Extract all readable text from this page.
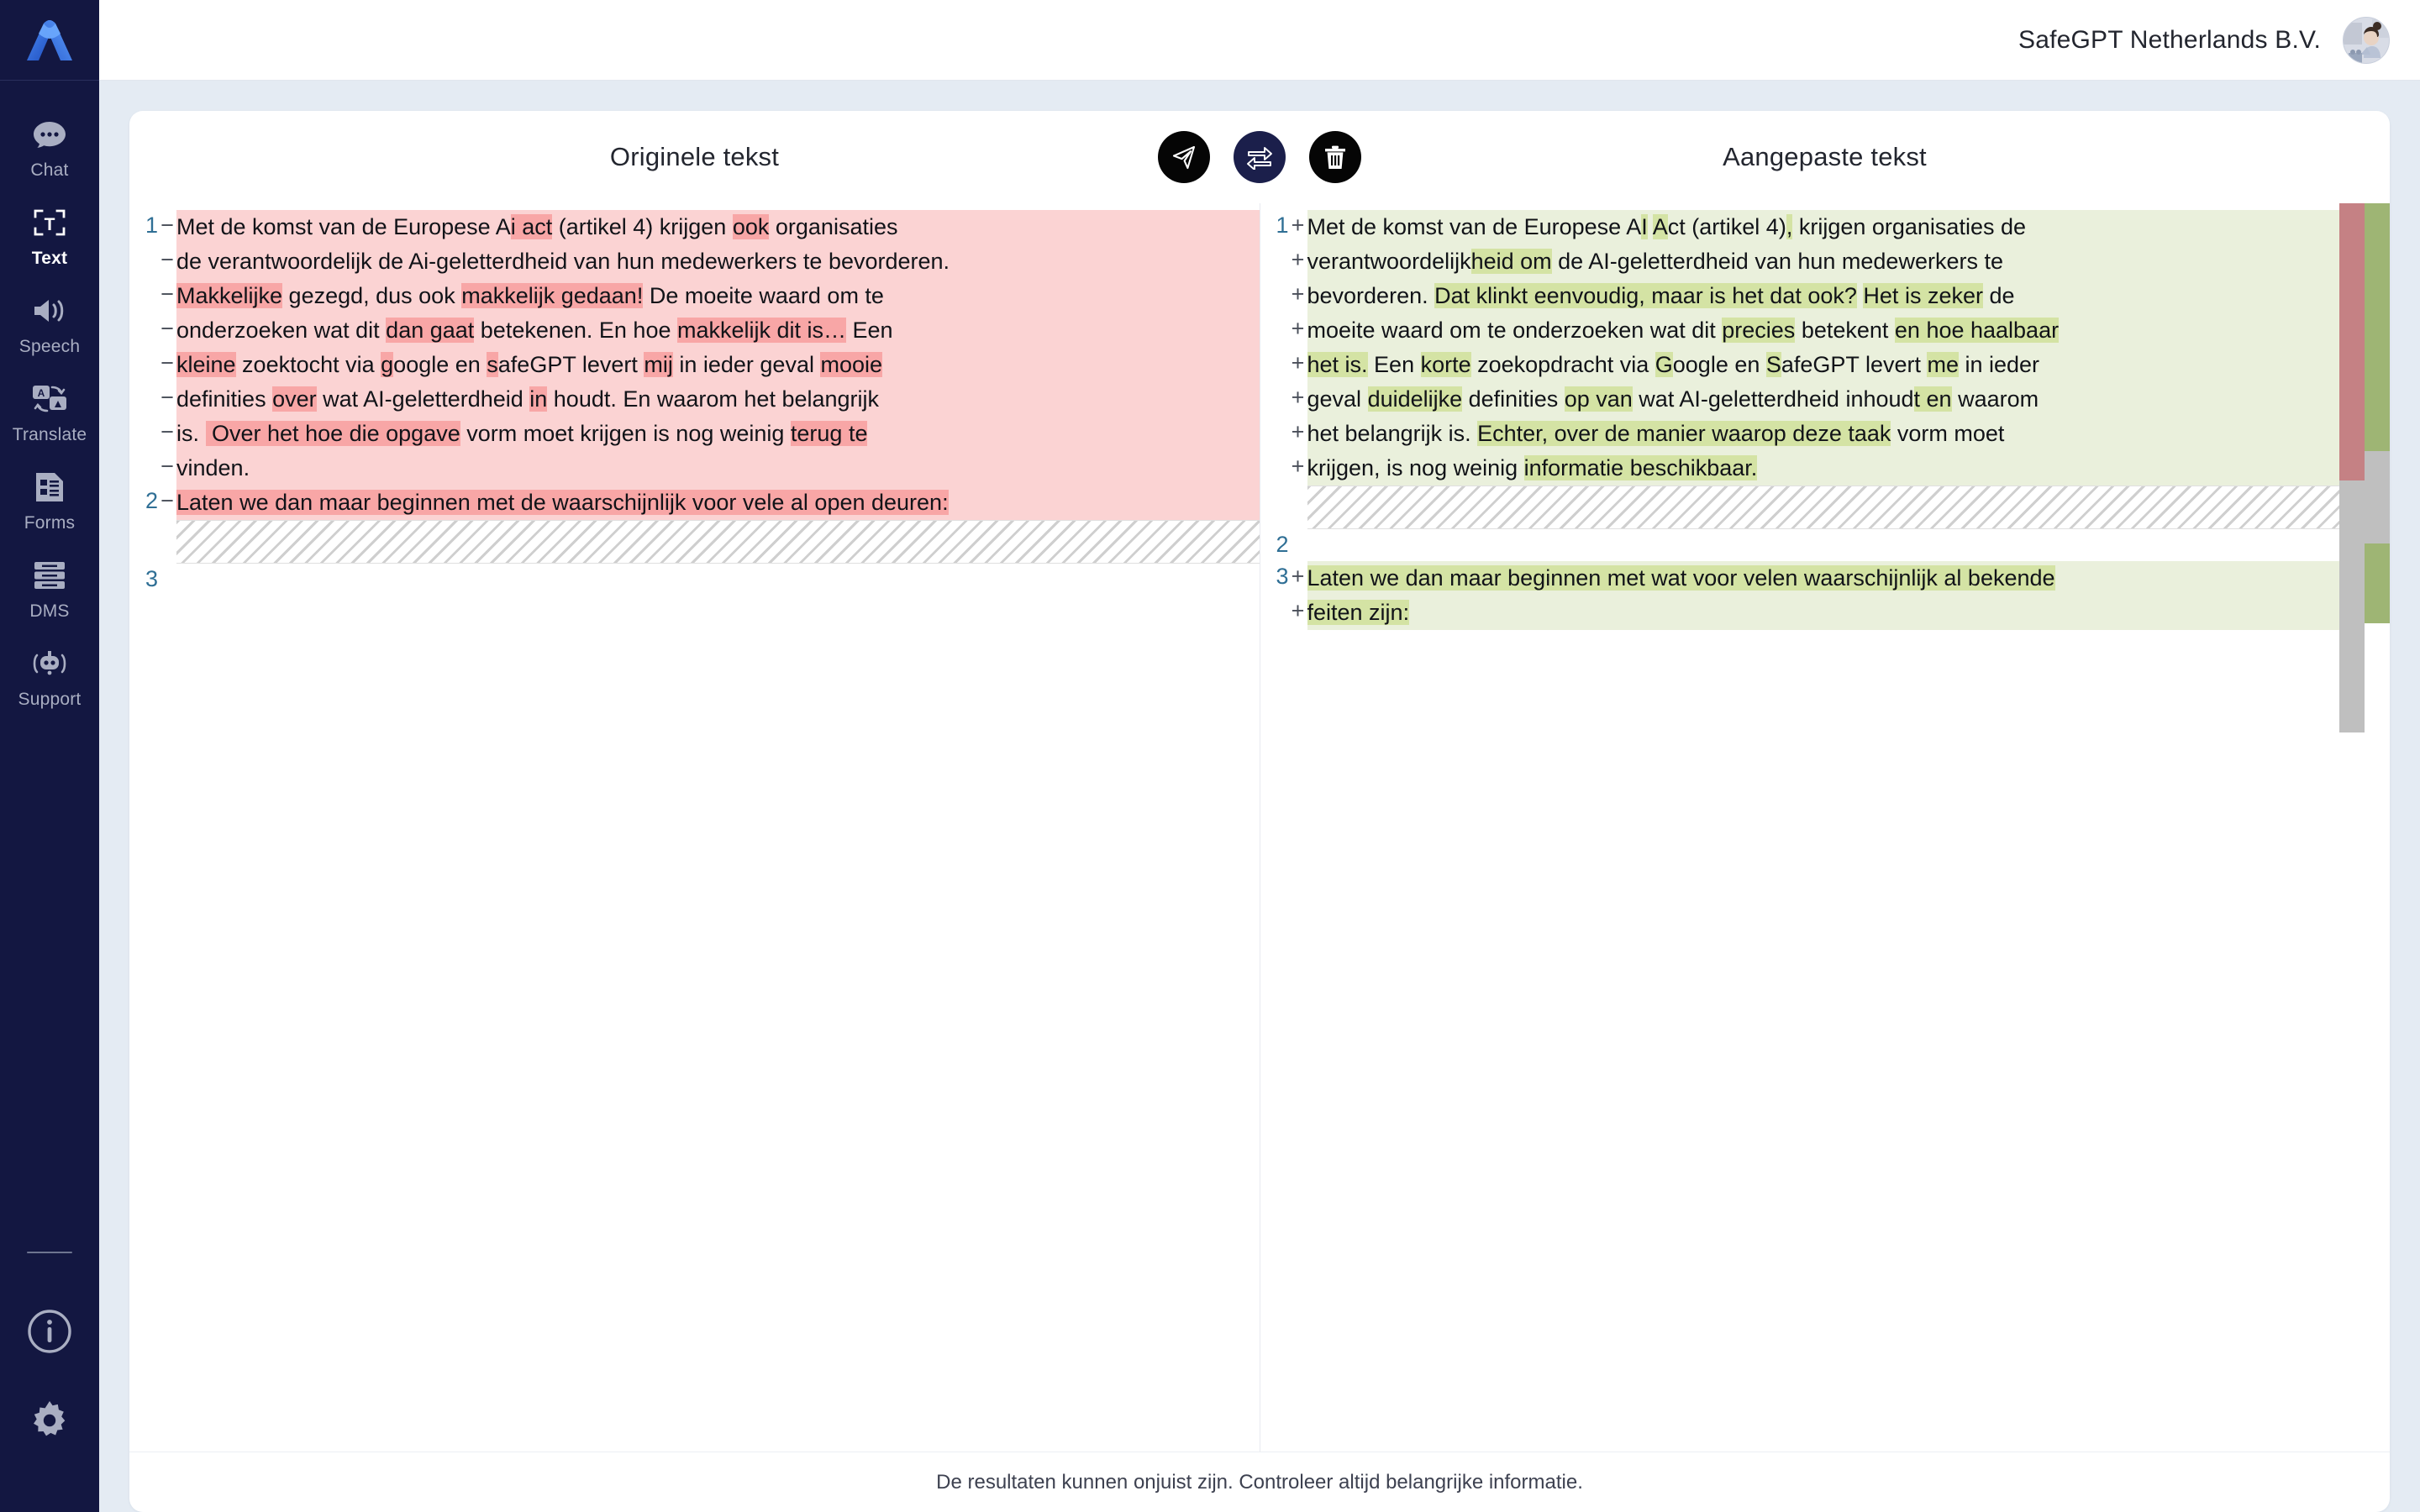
Chat
T
Text
Speech
A
Translate
Forms
DMS
Support
SafeGPT Netherlands B.V.
Originele tekst	Aangepaste tekst
1 − Met de komst van de Europese Ai act (artikel 4) krijgen ook organisaties
− de verantwoordelijk de Ai-geletterdheid van hun medewerkers te bevorderen.
− Makkelijke gezegd, dus ook makkelijk gedaan! De moeite waard om te
− onderzoeken wat dit dan gaat betekenen. En hoe makkelijk dit is… Een
− kleine zoektocht via google en safeGPT levert mij in ieder geval mooie
− definities over wat AI-geletterdheid in houdt. En waarom het belangrijk
− is.  Over het hoe die opgave vorm moet krijgen is nog weinig terug te
− vinden.
2 − Laten we dan maar beginnen met de waarschijnlijk voor vele al open deuren:
3

1 + Met de komst van de Europese AI Act (artikel 4), krijgen organisaties de
+ verantwoordelijkheid om de AI-geletterdheid van hun medewerkers te
+ bevorderen. Dat klinkt eenvoudig, maar is het dat ook? Het is zeker de
+ moeite waard om te onderzoeken wat dit precies betekent en hoe haalbaar
+ het is. Een korte zoekopdracht via Google en SafeGPT levert me in ieder
+ geval duidelijke definities op van wat AI-geletterdheid inhoudt en waarom
+ het belangrijk is. Echter, over de manier waarop deze taak vorm moet
+ krijgen, is nog weinig informatie beschikbaar.
2

3 + Laten we dan maar beginnen met wat voor velen waarschijnlijk al bekende
+ feiten zijn:
De resultaten kunnen onjuist zijn. Controleer altijd belangrijke informatie.
